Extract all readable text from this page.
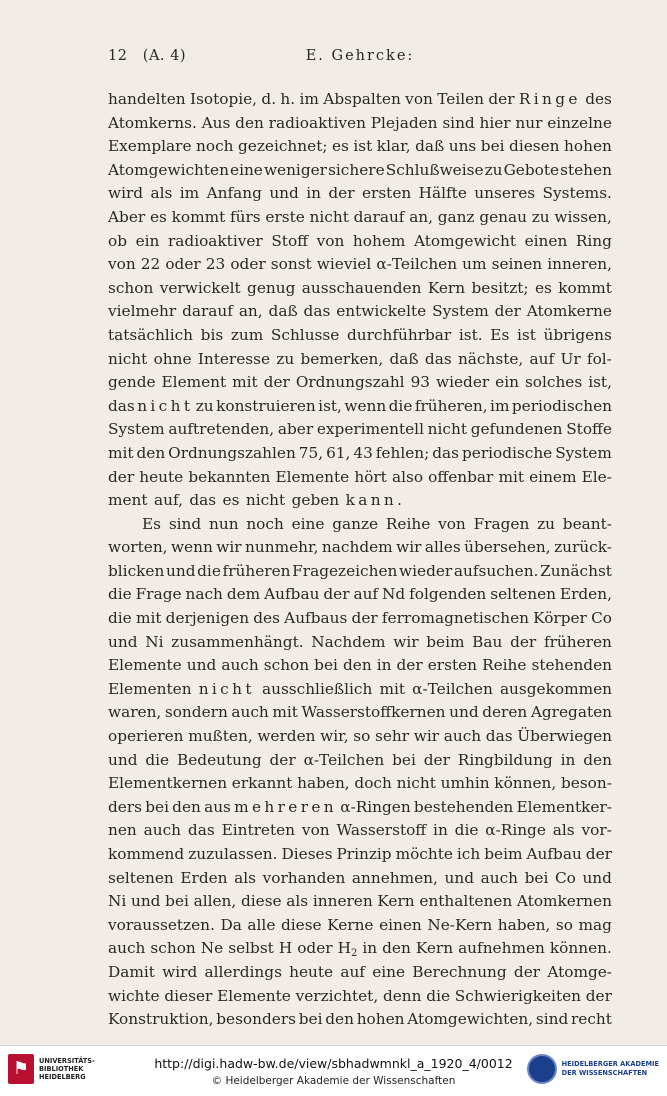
12 (A. 4)	E. Gehrcke:
handelten Isotopie, d. h. im Abspalten von Teilen der Ringe des
Atomkerns. Aus den radioaktiven Plejaden sind hier nur einzelne
Exemplare noch gezeichnet; es ist klar, daß uns bei diesen hohen
Atomgewichten eine weniger sichere Schlußweise zu Gebote stehen
wird als im Anfang und in der ersten Hälfte unseres Systems.
Aber es kommt fürs erste nicht darauf an, ganz genau zu wissen,
ob ein radioaktiver Stoff von hohem Atomgewicht einen Ring
von 22 oder 23 oder sonst wieviel α-Teilchen um seinen inneren,
schon verwickelt genug ausschauenden Kern besitzt; es kommt
vielmehr darauf an, daß das entwickelte System der Atomkerne
tatsächlich bis zum Schlusse durchführbar ist. Es ist übrigens
nicht ohne Interesse zu bemerken, daß das nächste, auf Ur fol-
gende Element mit der Ordnungszahl 93 wieder ein solches ist,
das nicht zu konstruieren ist, wenn die früheren, im periodischen
System auftretenden, aber experimentell nicht gefundenen Stoffe
mit den Ordnungszahlen 75, 61, 43 fehlen; das periodische System
der heute bekannten Elemente hört also offenbar mit einem Ele-
ment auf, das es nicht geben kann.
Es sind nun noch eine ganze Reihe von Fragen zu beant-
worten, wenn wir nunmehr, nachdem wir alles übersehen, zurück-
blicken und die früheren Fragezeichen wieder aufsuchen. Zunächst
die Frage nach dem Aufbau der auf Nd folgenden seltenen Erden,
die mit derjenigen des Aufbaus der ferromagnetischen Körper Co
und Ni zusammenhängt. Nachdem wir beim Bau der früheren
Elemente und auch schon bei den in der ersten Reihe stehenden
Elementen nicht ausschließlich mit α-Teilchen ausgekommen
waren, sondern auch mit Wasserstoffkernen und deren Agregaten
operieren mußten, werden wir, so sehr wir auch das Überwiegen
und die Bedeutung der α-Teilchen bei der Ringbildung in den
Elementkernen erkannt haben, doch nicht umhin können, beson-
ders bei den aus mehreren α-Ringen bestehenden Elementker-
nen auch das Eintreten von Wasserstoff in die α-Ringe als vor-
kommend zuzulassen. Dieses Prinzip möchte ich beim Aufbau der
seltenen Erden als vorhanden annehmen, und auch bei Co und
Ni und bei allen, diese als inneren Kern enthaltenen Atomkernen
voraussetzen. Da alle diese Kerne einen Ne-Kern haben, so mag
auch schon Ne selbst H oder $H_2$ in den Kern aufnehmen können.
Damit wird allerdings heute auf eine Berechnung der Atomge-
wichte dieser Elemente verzichtet, denn die Schwierigkeiten der
Konstruktion, besonders bei den hohen Atomgewichten, sind recht
⚑	UNIVERSITÄTS-
BIBLIOTHEK
HEIDELBERG
http://digi.hadw-bw.de/view/sbhadwmnkl_a_1920_4/0012
© Heidelberger Akademie der Wissenschaften
HEIDELBERGER AKADEMIE
DER WISSENSCHAFTEN
